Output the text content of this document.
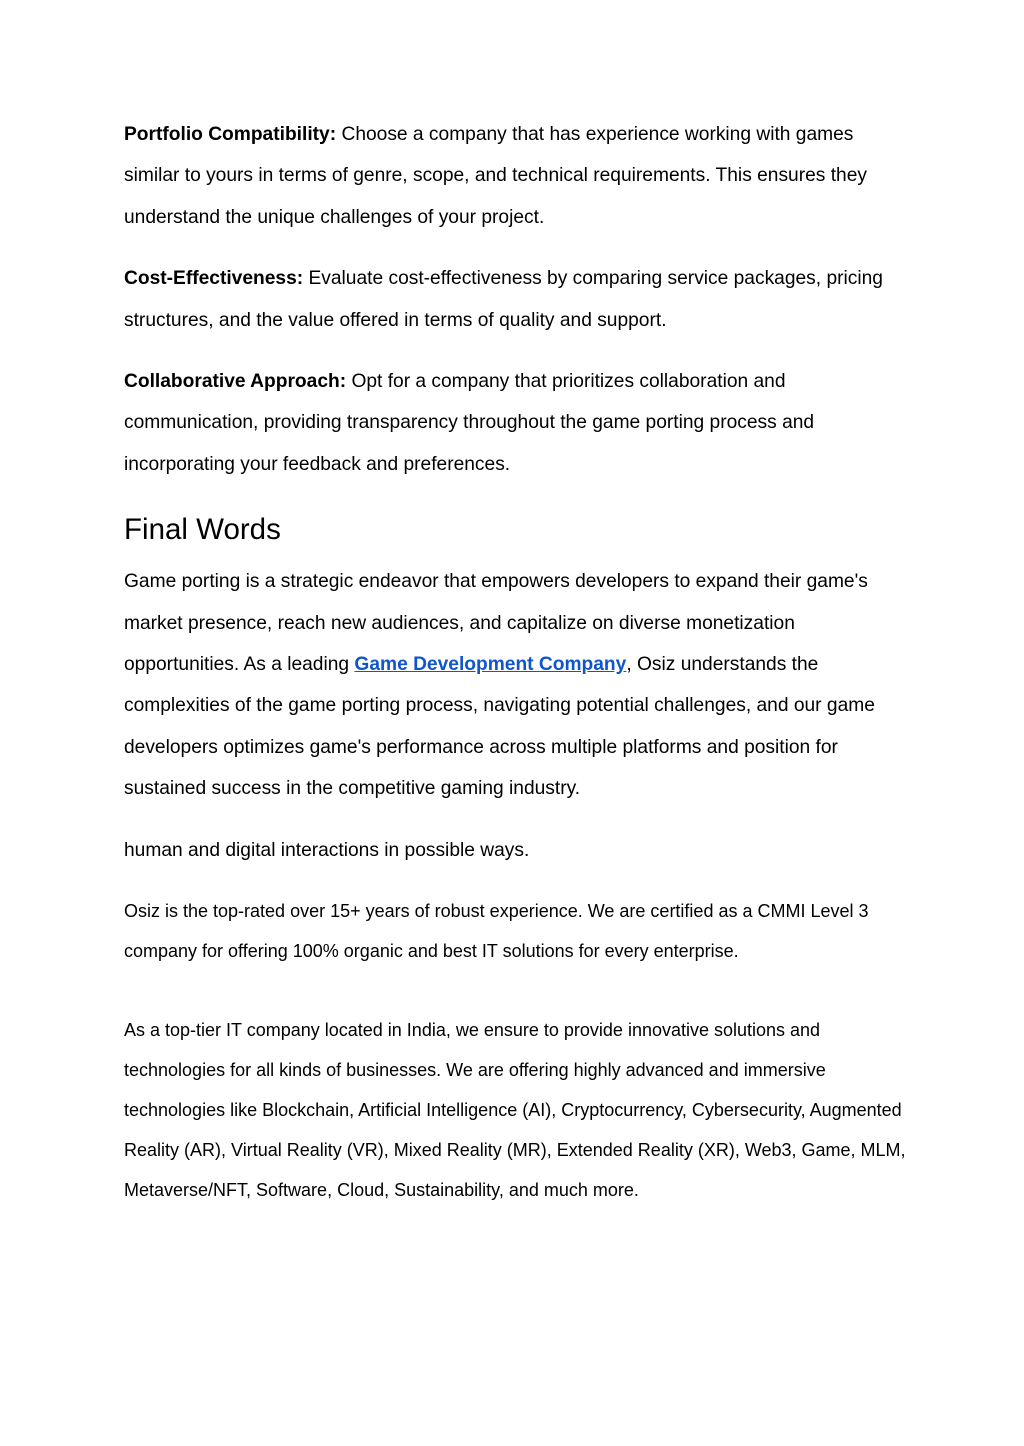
Portfolio Compatibility: Choose a company that has experience working with games similar to yours in terms of genre, scope, and technical requirements. This ensures they understand the unique challenges of your project.

Cost-Effectiveness: Evaluate cost-effectiveness by comparing service packages, pricing structures, and the value offered in terms of quality and support.

Collaborative Approach: Opt for a company that prioritizes collaboration and communication, providing transparency throughout the game porting process and incorporating your feedback and preferences.

Final Words

Game porting is a strategic endeavor that empowers developers to expand their game's market presence, reach new audiences, and capitalize on diverse monetization opportunities. As a leading Game Development Company, Osiz understands the complexities of the game porting process, navigating potential challenges, and our game developers optimizes game's performance across multiple platforms and position for sustained success in the competitive gaming industry.

human and digital interactions in possible ways.

Osiz is the top-rated over 15+ years of robust experience. We are certified as a CMMI Level 3 company for offering 100% organic and best IT solutions for every enterprise.

As a top-tier IT company located in India, we ensure to provide innovative solutions and technologies for all kinds of businesses. We are offering highly advanced and immersive technologies like Blockchain, Artificial Intelligence (AI), Cryptocurrency, Cybersecurity, Augmented Reality (AR), Virtual Reality (VR), Mixed Reality (MR), Extended Reality (XR), Web3, Game, MLM, Metaverse/NFT, Software, Cloud, Sustainability, and much more.
